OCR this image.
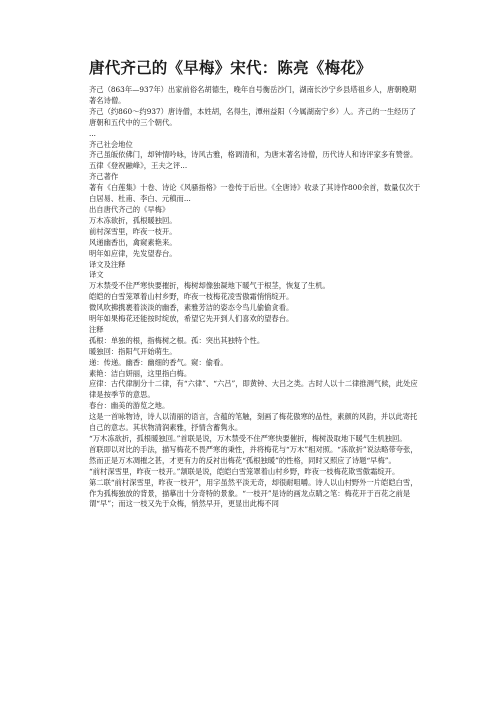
唐代齐己的《早梅》宋代：陈亮《梅花》

齐己（863年—937年）出家前俗名胡德生，晚年自号衡岳沙门，湖南长沙宁乡县塔祖乡人，唐朝晚期著名诗僧。

齐己（约860～约937）唐诗僧，本姓胡，名得生，潭州益阳（今属湖南宁乡）人。齐己的一生经历了唐朝和五代中的三个朝代。

...

齐己社会地位

齐己虽皈依佛门，却钟情吟咏，诗风古雅，格调清和，为唐末著名诗僧，历代诗人和诗评家多有赞誉。五律《登祝融峰》，王夫之评...

齐己著作

著有《白莲集》十卷、诗论《风骚指格》一卷传于后世。《全唐诗》收录了其诗作800余首，数量仅次于白居易、杜甫、李白、元稹而...

出自唐代齐己的《早梅》

万木冻欲折，孤根暖独回。

前村深雪里，昨夜一枝开。

风递幽香出，禽窥素艳来。

明年如应律，先发望春台。

译文及注释

译文

万木禁受不住严寒快要摧折，梅树却像独凝地下暖气于根茎，恢复了生机。

皑皑的白雪笼罩着山村乡野，昨夜一枝梅花凌雪傲霜悄悄绽开。

微风吹拂携裹着淡淡的幽香，素雅芳洁的姿态令鸟儿偷偷贪看。

明年如果梅花还能按时绽放，希望它先开到人们喜欢的望春台。

注释

孤根：单独的根，指梅树之根。孤：突出其独特个性。

暖独回：指阳气开始萌生。

递：传递。幽香：幽细的香气。窥：偷看。

素艳：洁白妍丽，这里指白梅。

应律：古代律制分十二律，有“六律”、“六吕”，即黄钟、大吕之类。古时人以十二律推测气候，此处应律是按季节的意思。

春台：幽美的游览之地。

这是一首咏物诗，诗人以清丽的语言，含蕴的笔触，刻画了梅花傲寒的品性，素颜的风韵，并以此寄托自己的意志。其状物清润素雅，抒情含蓄隽永。

“万木冻欲折，孤根暖独回。”首联是说，万木禁受不住严寒快要催折，梅树汲取地下暖气生机独回。

首联即以对比的手法，描写梅花不畏严寒的秉性，并将梅花与“万木”相对照。“冻欲折”说法略带夸张，然而正是万木凋摧之甚，才更有力的反衬出梅花“孤根独暖”的性格，同时又照应了诗题“早梅”。

“前村深雪里，昨夜一枝开。”颔联是说，皑皑白雪笼罩着山村乡野，昨夜一枝梅花欺雪傲霜绽开。

第二联“前村深雪里，昨夜一枝开”，用字虽然平淡无奇，却很耐咀嚼。诗人以山村野外一片皑皑白雪，作为孤梅独放的背景，描摹出十分奇特的景象。“一枝开”是诗的画龙点睛之笔：梅花开于百花之前是谓“早”；而这一枝又先于众梅，悄然早开，更显出此梅不同
